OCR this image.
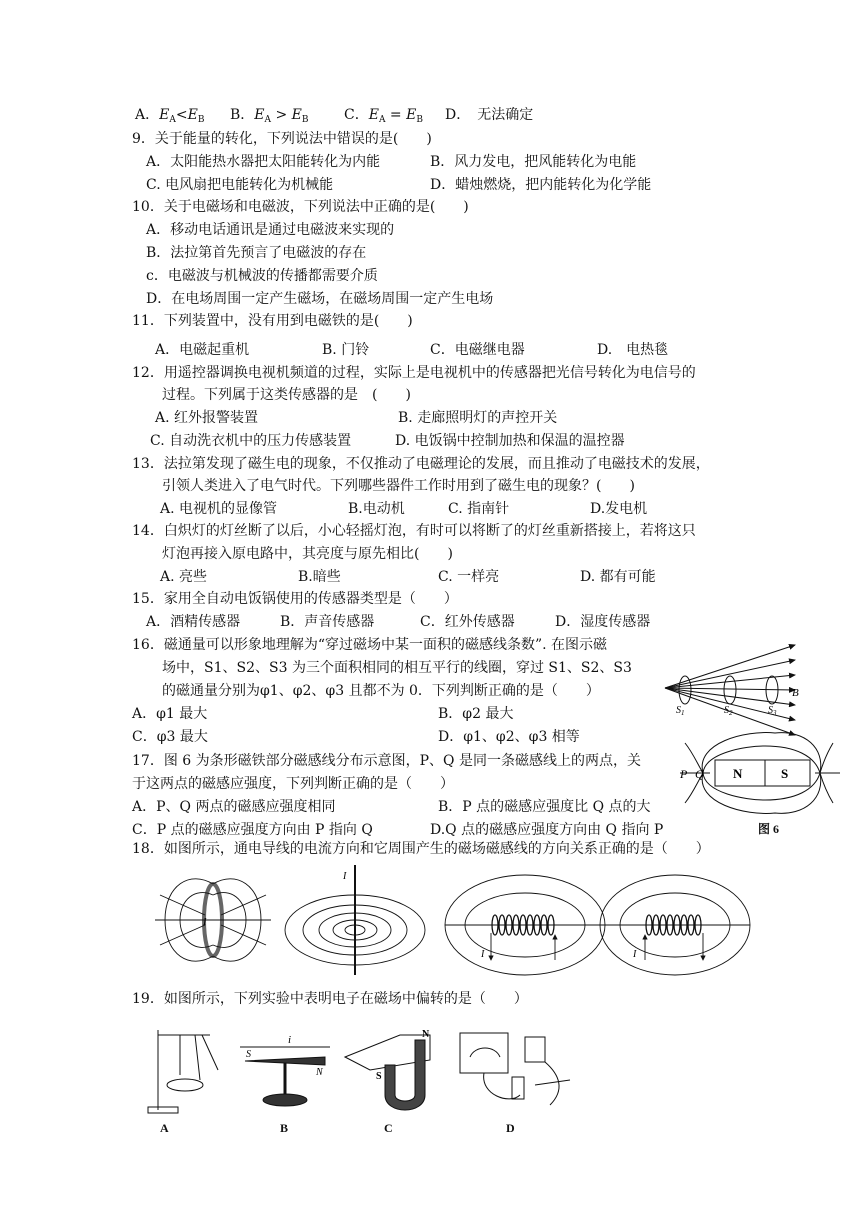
A．$E_A<E_B$ B．$E_A > E_B$	C．$E_A = E_B$ D．　无法确定
9．关于能量的转化，下列说法中错误的是(　　)
A．太阳能热水器把太阳能转化为内能	B．风力发电，把风能转化为电能
C. 电风扇把电能转化为机械能	D．蜡烛燃烧，把内能转化为化学能
10．关于电磁场和电磁波，下列说法中正确的是(　　)
A．移动电话通讯是通过电磁波来实现的
B．法拉第首先预言了电磁波的存在
c．电磁波与机械波的传播都需要介质
D．在电场周围一定产生磁场，在磁场周围一定产生电场
11．下列装置中，没有用到电磁铁的是(　　)
A．电磁起重机	B. 门铃	C．电磁继电器	D.　电热毯
12．用遥控器调换电视机频道的过程，实际上是电视机中的传感器把光信号转化为电信号的
过程。下列属于这类传感器的是　(　　)
A. 红外报警装置	B. 走廊照明灯的声控开关
C. 自动洗衣机中的压力传感装置	D. 电饭锅中控制加热和保温的温控器
13．法拉第发现了磁生电的现象，不仅推动了电磁理论的发展，而且推动了电磁技术的发展，
引领人类进入了电气时代。下列哪些器件工作时用到了磁生电的现象？(　　)
A. 电视机的显像管	B.电动机	C. 指南针	D.发电机
14．白炽灯的灯丝断了以后，小心轻摇灯泡，有时可以将断了的灯丝重新搭接上，若将这只
灯泡再接入原电路中，其亮度与原先相比(　　)
A. 亮些	B.暗些	C. 一样亮	D. 都有可能
15．家用全自动电饭锅使用的传感器类型是（　　）
A．酒精传感器	B．声音传感器	C．红外传感器	D．湿度传感器
16．磁通量可以形象地理解为“穿过磁场中某一面积的磁感线条数”. 在图示磁
场中，S1、S2、S3 为三个面积相同的相互平行的线圈，穿过 S1、S2、S3
的磁通量分别为φ1、φ2、φ3 且都不为 0．下列判断正确的是（　　）
A．φ1 最大	B．φ2 最大
C．φ3 最大	D．φ1、φ2、φ3 相等
B
$S_1$	$S_2$	$S_3$
17．图 6 为条形磁铁部分磁感线分布示意图，P、Q 是同一条磁感线上的两点，关
于这两点的磁感应强度，下列判断正确的是（　　）
A．P、Q 两点的磁感应强度相同	B．P 点的磁感应强度比 Q 点的大
C．P 点的磁感应强度方向由 P 指向 Q	D.Q 点的磁感应强度方向由 Q 指向 P
N	S
P Q
图 6
18．如图所示，通电导线的电流方向和它周围产生的磁场磁感线的方向关系正确的是（　　）
I
I
I	I
19．如图所示，下列实验中表明电子在磁场中偏转的是（　　）
i
S
N
N
S
A	B	C	D
